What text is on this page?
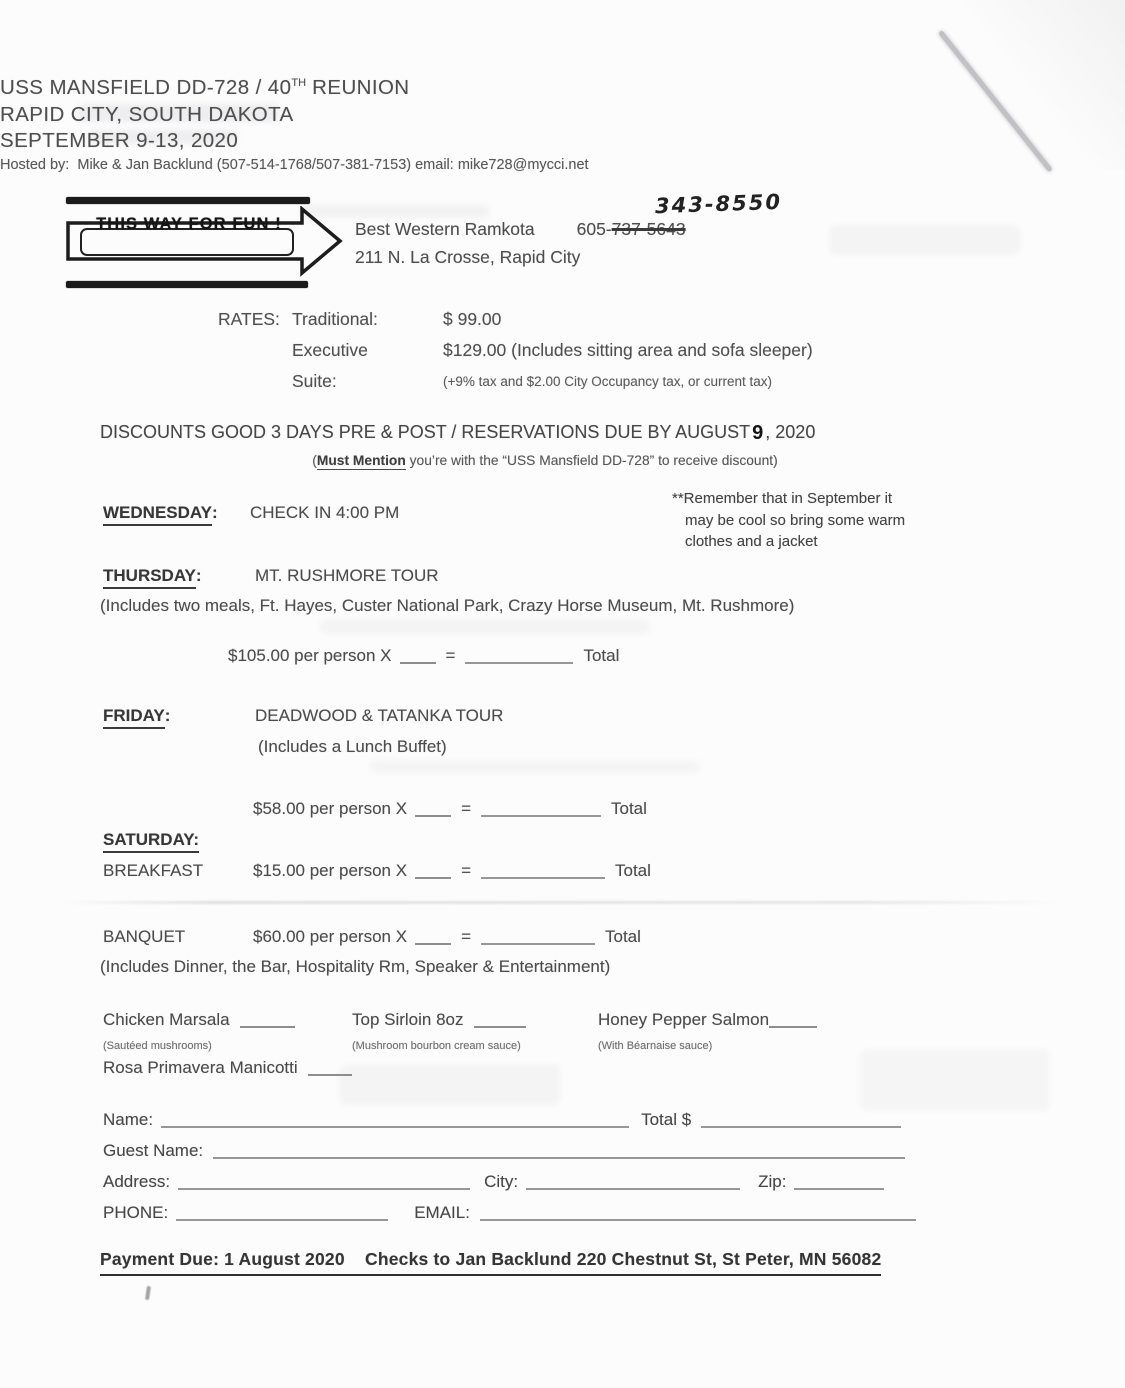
USS MANSFIELD DD-728 / 40TH REUNION
RAPID CITY, SOUTH DAKOTA
SEPTEMBER 9-13, 2020
Hosted by:  Mike & Jan Backlund (507-514-1768/507-381-7153) email: mike728@mycci.net
THIS WAY FOR FUN !
343-8550
Best Western Ramkota 605-737-5643
211 N. La Crosse, Rapid City
RATES: Traditional:	$ 99.00
Executive	$129.00 (Includes sitting area and sofa sleeper)
Suite:	(+9% tax and $2.00 City Occupancy tax, or current tax)
DISCOUNTS GOOD 3 DAYS PRE & POST / RESERVATIONS DUE BY AUGUST 9 , 2020
(Must Mention you’re with the “USS Mansfield DD-728” to receive discount)
**Remember that in September it
may be cool so bring some warm
clothes and a jacket
WEDNESDAY: CHECK IN 4:00 PM
THURSDAY:	MT. RUSHMORE TOUR
(Includes two meals, Ft. Hayes, Custer National Park, Crazy Horse Museum, Mt. Rushmore)
$105.00 per person X	=	Total
FRIDAY:	DEADWOOD & TATANKA TOUR
(Includes a Lunch Buffet)
$58.00 per person X	=	Total
SATURDAY:
BREAKFAST	$15.00 per person X	=	Total
BANQUET	$60.00 per person X	=	Total
(Includes Dinner, the Bar, Hospitality Rm, Speaker & Entertainment)
Chicken Marsala	Top Sirloin 8oz	Honey Pepper Salmon
(Sautéed mushrooms)	(Mushroom bourbon cream sauce)	(With Béarnaise sauce)
Rosa Primavera Manicotti
Name:	Total $
Guest Name:
Address:	City:	Zip:
PHONE:	EMAIL:
Payment Due: 1 August 2020    Checks to Jan Backlund 220 Chestnut St, St Peter, MN 56082
